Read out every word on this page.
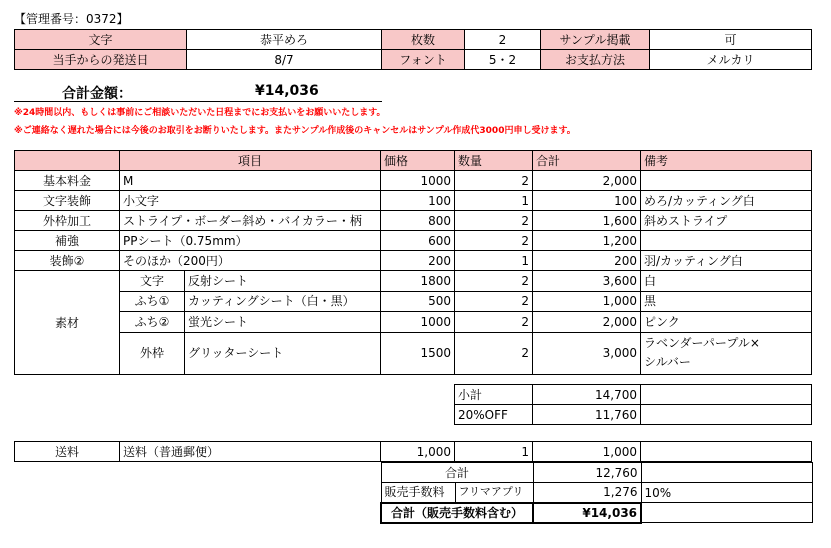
【管理番号：0372】
文字	恭平めろ	枚数	2	サンプル掲載	可
当手からの発送日	8/7	フォント	5・2	お支払方法	メルカリ
合計金額：	¥14,036
※24時間以内、もしくは事前にご相談いただいた日程までにお支払いをお願いいたします。
※ご連絡なく遅れた場合には今後のお取引をお断りいたします。またサンプル作成後のキャンセルはサンプル作成代3000円申し受けます。
	項目		価格	数量	合計	備考
基本料金	M		1000	2	2,000	
文字装飾	小文字		100	1	100	めろ/カッティング白
外枠加工	ストライプ・ボーダー斜め・バイカラー・柄		800	2	1,600	斜めストライプ
補強	PPシート（0.75mm）		600	2	1,200	
装飾②	そのほか（200円）		200	1	200	羽/カッティング白
素材	文字	反射シート	1800	2	3,600	白
	ふち①	カッティングシート（白・黒）	500	2	1,000	黒
	ふち②	蛍光シート	1000	2	2,000	ピンク
	外枠	グリッターシート	1500	2	3,000	ラベンダーパープル×
シルバー
小計	14,700	
20%OFF	11,760	
送料	送料（普通郵便）	1,000	1	1,000	
合計		12,760	
販売手数料	フリマアプリ	1,276	10%
合計（販売手数料含む）		¥14,036	
